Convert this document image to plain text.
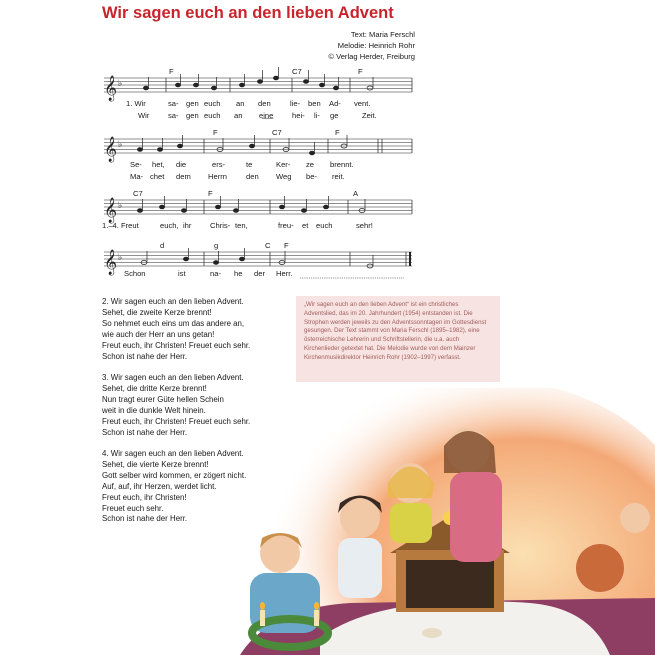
Wir sagen euch an den lieben Advent
Text: Maria Ferschl
Melodie: Heinrich Rohr
© Verlag Herder, Freiburg
𝄞
𝄞
𝄞
𝄞
♭
♭
♭
♭
F	C7	F
F	C7	F
C7	F	A
d	g	C F
1. Wir	sa- gen euch an den	lie- ben Ad- vent.
Wir sa- gen euch an ei̲n̲e̲ hei- li- ge	Zeit.
Se- het, die	ers-	te	Ker- ze brennt.
Ma- chet dem Herrn	den Weg be- reit.
1.–4. Freut	euch, ihr Chris- ten,	freu- et euch	sehr!
Schon	ist	na- he der Herr.
2. Wir sagen euch an den lieben Advent.
Sehet, die zweite Kerze brennt!
So nehmet euch eins um das andere an,
wie auch der Herr an uns getan!
Freut euch, ihr Christen! Freuet euch sehr.
Schon ist nahe der Herr.
3. Wir sagen euch an den lieben Advent.
Sehet, die dritte Kerze brennt!
Nun tragt eurer Güte hellen Schein
weit in die dunkle Welt hinein.
Freut euch, ihr Christen! Freuet euch sehr.
Schon ist nahe der Herr.
4. Wir sagen euch an den lieben Advent.
Sehet, die vierte Kerze brennt!
Gott selber wird kommen, er zögert nicht.
Auf, auf, ihr Herzen, werdet licht.
Freut euch, ihr Christen!
Freuet euch sehr.
Schon ist nahe der Herr.
„Wir sagen euch an den lieben Advent“ ist ein christliches Adventslied, das im 20. Jahrhundert (1954) entstanden ist. Die Strophen werden jeweils zu den Adventssonntagen im Gottesdienst gesungen. Der Text stammt von Maria Ferschl (1895–1982), eine österreichische Lehrerin und Schriftstellerin, die u.a. auch Kirchenlieder getextet hat. Die Melodie wurde von dem Mainzer Kirchenmusikdirektor Heinrich Rohr (1902–1997) verfasst.
